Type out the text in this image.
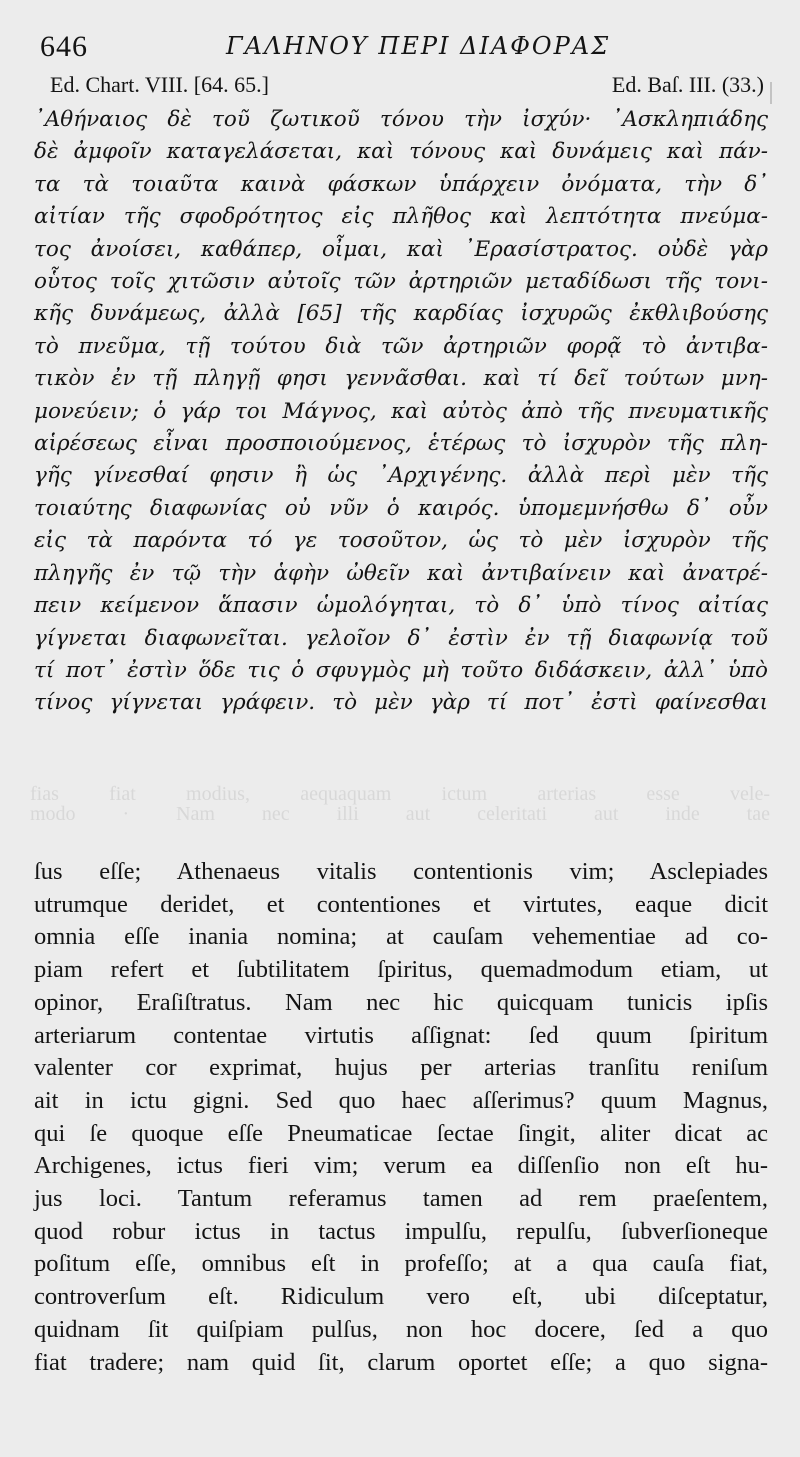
646	ΓΑΛΗΝΟΥ ΠΕΡΙ ΔΙΑΦΟΡΑΣ
Ed. Chart. VIII. [64. 65.]	Ed. Baſ. III. (33.)
᾿Αθήναιος δὲ τοῦ ζωτικοῦ τόνου τὴν ἰσχύν· ᾿Ασκληπιάδης
δὲ ἀμφοῖν καταγελάσεται, καὶ τόνους καὶ δυνάμεις καὶ πάν-
τα τὰ τοιαῦτα καινὰ φάσκων ὑπάρχειν ὀνόματα, τὴν δ᾿
αἰτίαν τῆς σφοδρότητος εἰς πλῆθος καὶ λεπτότητα πνεύμα-
τος ἀνοίσει, καθάπερ, οἶμαι, καὶ ᾿Ερασίστρατος. οὐδὲ γὰρ
οὗτος τοῖς χιτῶσιν αὐτοῖς τῶν ἀρτηριῶν μεταδίδωσι τῆς τονι-
κῆς δυνάμεως, ἀλλὰ [65] τῆς καρδίας ἰσχυρῶς ἐκθλιβούσης
τὸ πνεῦμα, τῇ τούτου διὰ τῶν ἀρτηριῶν φορᾷ τὸ ἀντιβα-
τικὸν ἐν τῇ πληγῇ φησι γεννᾶσθαι. καὶ τί δεῖ τούτων μνη-
μονεύειν; ὁ γάρ τοι Μάγνος, καὶ αὐτὸς ἀπὸ τῆς πνευματικῆς
αἱρέσεως εἶναι προσποιούμενος, ἑτέρως τὸ ἰσχυρὸν τῆς πλη-
γῆς γίνεσθαί φησιν ἢ ὡς ᾿Αρχιγένης. ἀλλὰ περὶ μὲν τῆς
τοιαύτης διαφωνίας οὐ νῦν ὁ καιρός. ὑπομεμνήσθω δ᾿ οὖν
εἰς τὰ παρόντα τό γε τοσοῦτον, ὡς τὸ μὲν ἰσχυρὸν τῆς
πληγῆς ἐν τῷ τὴν ἁφὴν ὠθεῖν καὶ ἀντιβαίνειν καὶ ἀνατρέ-
πειν κείμενον ἅπασιν ὡμολόγηται, τὸ δ᾿ ὑπὸ τίνος αἰτίας
γίγνεται διαφωνεῖται. γελοῖον δ᾿ ἐστὶν ἐν τῇ διαφωνίᾳ τοῦ
τί ποτ᾿ ἐστὶν ὅδε τις ὁ σφυγμὸς μὴ τοῦτο διδάσκειν, ἀλλ᾿ ὑπὸ
τίνος γίγνεται γράφειν. τὸ μὲν γὰρ τί ποτ᾿ ἐστὶ φαίνεσθαι
fias fiat modius, aequaquam ictum arterias esse vele-
modo · Nam nec illi aut celeritati aut inde tae
ſus eſſe; Athenaeus vitalis contentionis vim; Asclepiades
utrumque deridet, et contentiones et virtutes, eaque dicit
omnia eſſe inania nomina; at cauſam vehementiae ad co-
piam refert et ſubtilitatem ſpiritus, quemadmodum etiam, ut
opinor, Eraſiſtratus. Nam nec hic quicquam tunicis ipſis
arteriarum contentae virtutis aſſignat: ſed quum ſpiritum
valenter cor exprimat, hujus per arterias tranſitu reniſum
ait in ictu gigni. Sed quo haec aſſerimus? quum Magnus,
qui ſe quoque eſſe Pneumaticae ſectae ſingit, aliter dicat ac
Archigenes, ictus fieri vim; verum ea diſſenſio non eſt hu-
jus loci. Tantum referamus tamen ad rem praeſentem,
quod robur ictus in tactus impulſu, repulſu, ſubverſioneque
poſitum eſſe, omnibus eſt in profeſſo; at a qua cauſa fiat,
controverſum eſt. Ridiculum vero eſt, ubi diſceptatur,
quidnam ſit quiſpiam pulſus, non hoc docere, ſed a quo
fiat tradere; nam quid ſit, clarum oportet eſſe; a quo signa-
